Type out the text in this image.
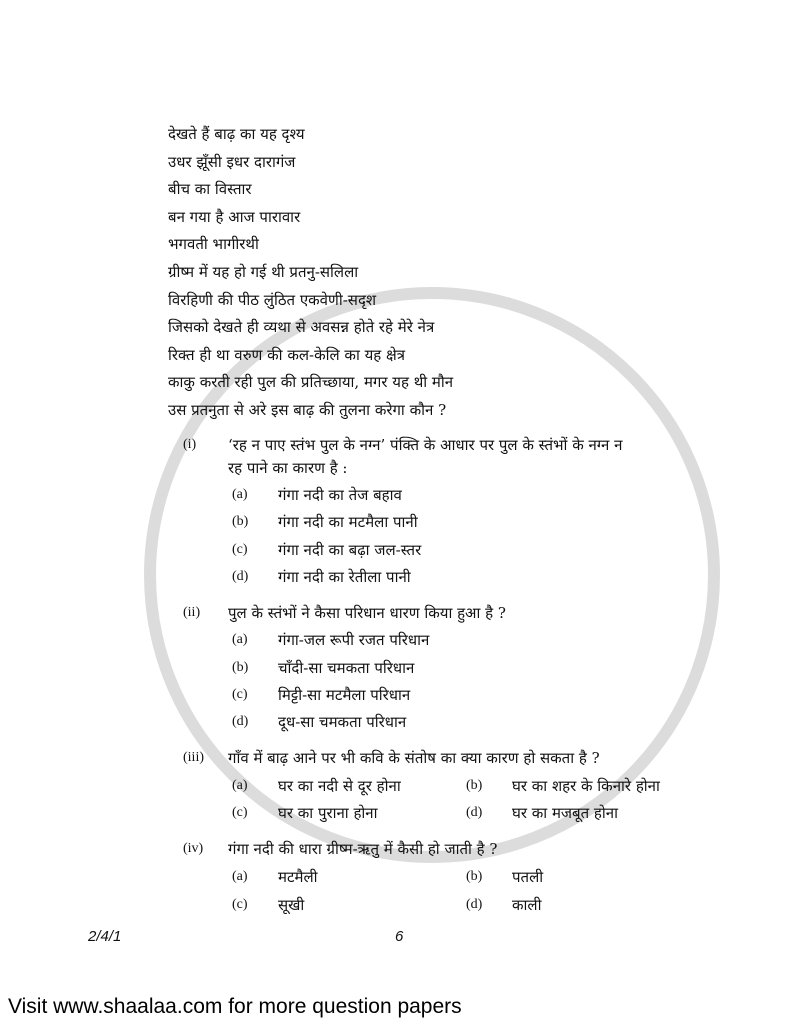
देखते हैं बाढ़ का यह दृश्य
उधर झूँसी इधर दारागंज
बीच का विस्तार
बन गया है आज पारावार
भगवती भागीरथी
ग्रीष्म में यह हो गई थी प्रतनु-सलिला
विरहिणी की पीठ लुंठित एकवेणी-सदृश
जिसको देखते ही व्यथा से अवसन्न होते रहे मेरे नेत्र
रिक्त ही था वरुण की कल-केलि का यह क्षेत्र
काकु करती रही पुल की प्रतिच्छाया, मगर यह थी मौन
उस प्रतनुता से अरे इस बाढ़ की तुलना करेगा कौन ?
(i) ‘रह न पाए स्तंभ पुल के नग्न’ पंक्ति के आधार पर पुल के स्तंभों के नग्न न
रह पाने का कारण है :
(a) गंगा नदी का तेज बहाव
(b) गंगा नदी का मटमैला पानी
(c) गंगा नदी का बढ़ा जल-स्तर
(d) गंगा नदी का रेतीला पानी
(ii) पुल के स्तंभों ने कैसा परिधान धारण किया हुआ है ?
(a) गंगा-जल रूपी रजत परिधान
(b) चाँदी-सा चमकता परिधान
(c) मिट्टी-सा मटमैला परिधान
(d) दूध-सा चमकता परिधान
(iii) गाँव में बाढ़ आने पर भी कवि के संतोष का क्या कारण हो सकता है ?
(a) घर का नदी से दूर होना	(b) घर का शहर के किनारे होना
(c) घर का पुराना होना	(d) घर का मजबूत होना
(iv) गंगा नदी की धारा ग्रीष्म-ऋतु में कैसी हो जाती है ?
(a) मटमैली	(b) पतली
(c) सूखी	(d) काली
2/4/1	6
Visit www.shaalaa.com for more question papers
